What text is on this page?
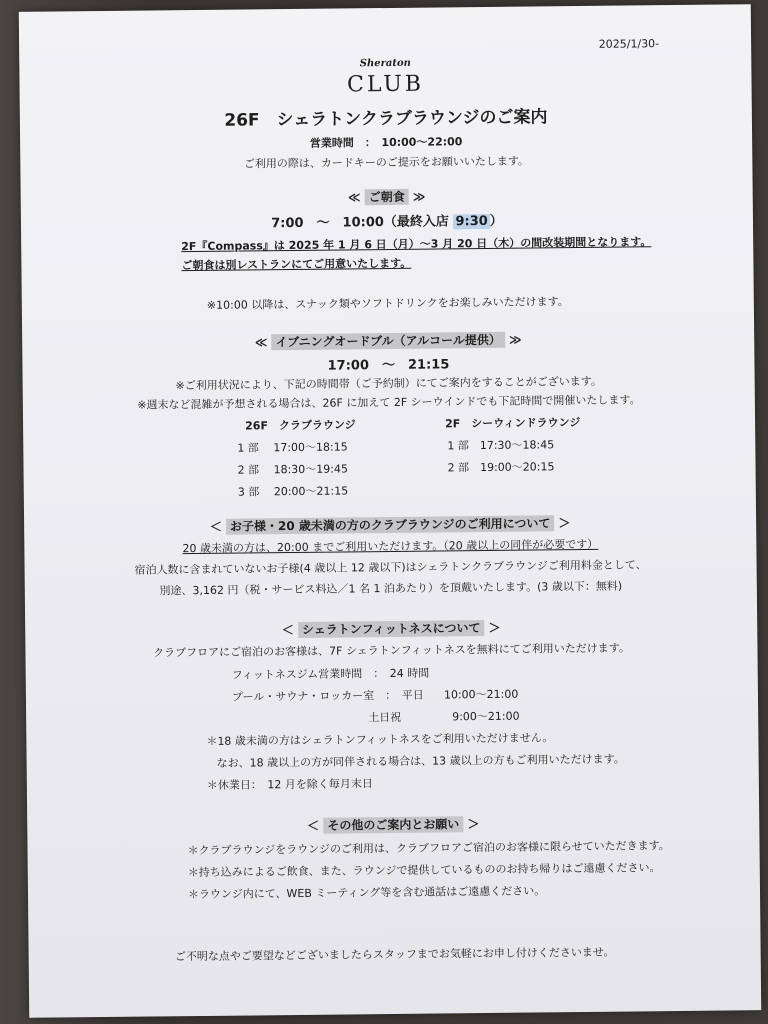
2025/1/30-
Sheraton
CLUB
26F　シェラトンクラブラウンジのご案内
営業時間　：　10:00～22:00
ご利用の際は、カードキーのご提示をお願いいたします。
≪ ご朝食 ≫
7:00　～　10:00（最終入店 9:30 ）
2F『Compass』は 2025 年 1 月 6 日（月）～3 月 20 日（木）の間改装期間となります。
ご朝食は別レストランにてご用意いたします。
※10:00 以降は、スナック類やソフトドリンクをお楽しみいただけます。
≪ イブニングオードブル（アルコール提供） ≫
17:00　～　21:15
※ご利用状況により、下記の時間帯（ご予約制）にてご案内をすることがございます。
※週末など混雑が予想される場合は、26F に加えて 2F シーウインドでも下記時間で開催いたします。
26F　クラブラウンジ
1 部　 17:00～18:15
2 部　 18:30～19:45
3 部　 20:00～21:15
2F　シーウィンドラウンジ
1 部　17:30～18:45
2 部　19:00～20:15
＜ お子様・20 歳未満の方のクラブラウンジのご利用について ＞
20 歳未満の方は、20:00 までご利用いただけます。（20 歳以上の同伴が必要です）
宿泊人数に含まれていないお子様(4 歳以上 12 歳以下)はシェラトンクラブラウンジご利用料金として、
別途、3,162 円（税・サービス料込／1 名 1 泊あたり）を頂戴いたします。(3 歳以下：無料)
＜ シェラトンフィットネスについて ＞
クラブフロアにご宿泊のお客様は、7F シェラトンフィットネスを無料にてご利用いただけます。
フィットネスジム営業時間　：　24 時間
プール・サウナ・ロッカー室　：　平日 10:00～21:00
土日祝	9:00～21:00
＊18 歳未満の方はシェラトンフィットネスをご利用いただけません。
なお、18 歳以上の方が同伴される場合は、13 歳以上の方もご利用いただけます。
＊休業日：　12 月を除く毎月末日
＜ その他のご案内とお願い ＞
＊クラブラウンジをラウンジのご利用は、クラブフロアご宿泊のお客様に限らせていただきます。
＊持ち込みによるご飲食、また、ラウンジで提供しているもののお持ち帰りはご遠慮ください。
＊ラウンジ内にて、WEB ミーティング等を含む通話はご遠慮ください。
ご不明な点やご要望などございましたらスタッフまでお気軽にお申し付けくださいませ。
